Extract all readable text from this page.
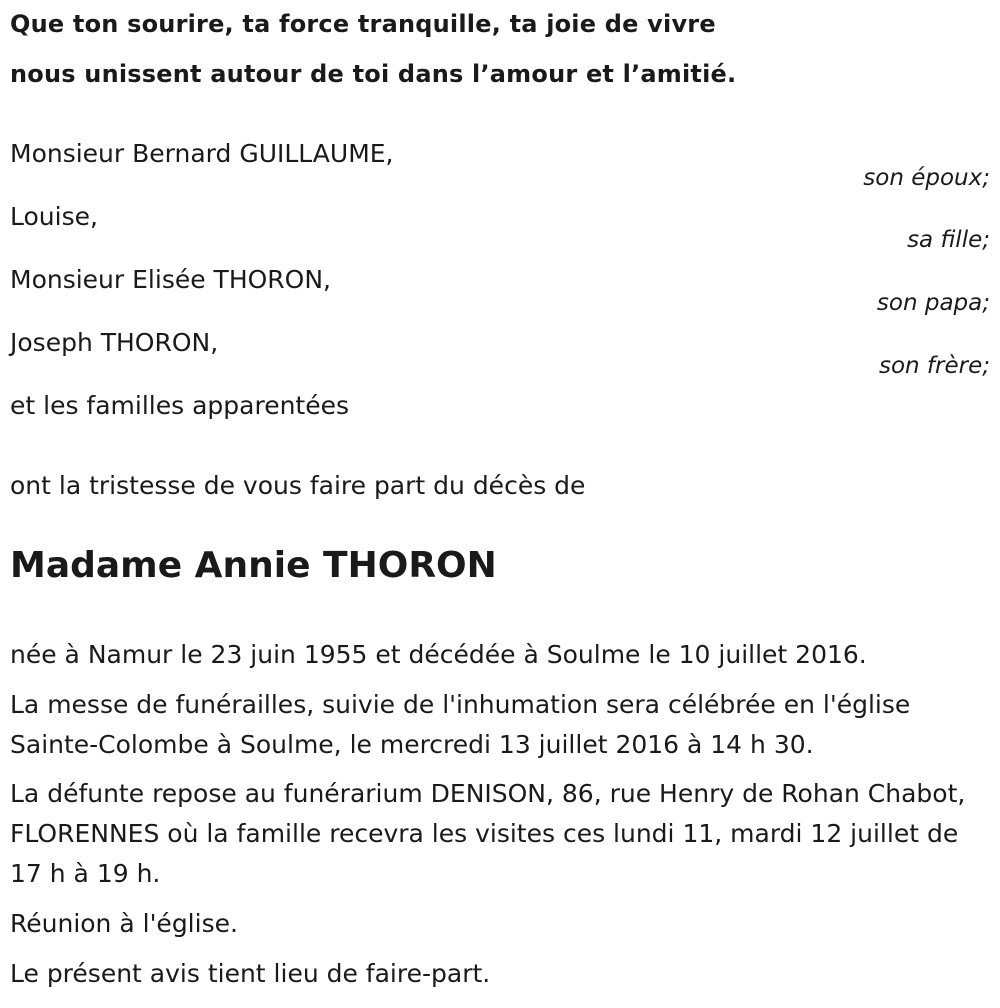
Que ton sourire, ta force tranquille, ta joie de vivre
nous unissent autour de toi dans l’amour et l’amitié.
Monsieur Bernard GUILLAUME,
son époux;
Louise,
sa fille;
Monsieur Elisée THORON,
son papa;
Joseph THORON,
son frère;
et les familles apparentées
ont la tristesse de vous faire part du décès de
Madame Annie THORON
née à Namur le 23 juin 1955 et décédée à Soulme le 10 juillet 2016.
La messe de funérailles, suivie de l'inhumation sera célébrée en l'église Sainte-Colombe à Soulme, le mercredi 13 juillet 2016 à 14 h 30.
La défunte repose au funérarium DENISON, 86, rue Henry de Rohan Chabot, FLORENNES où la famille recevra les visites ces lundi 11, mardi 12 juillet de 17 h à 19 h.
Réunion à l'église.
Le présent avis tient lieu de faire-part.
